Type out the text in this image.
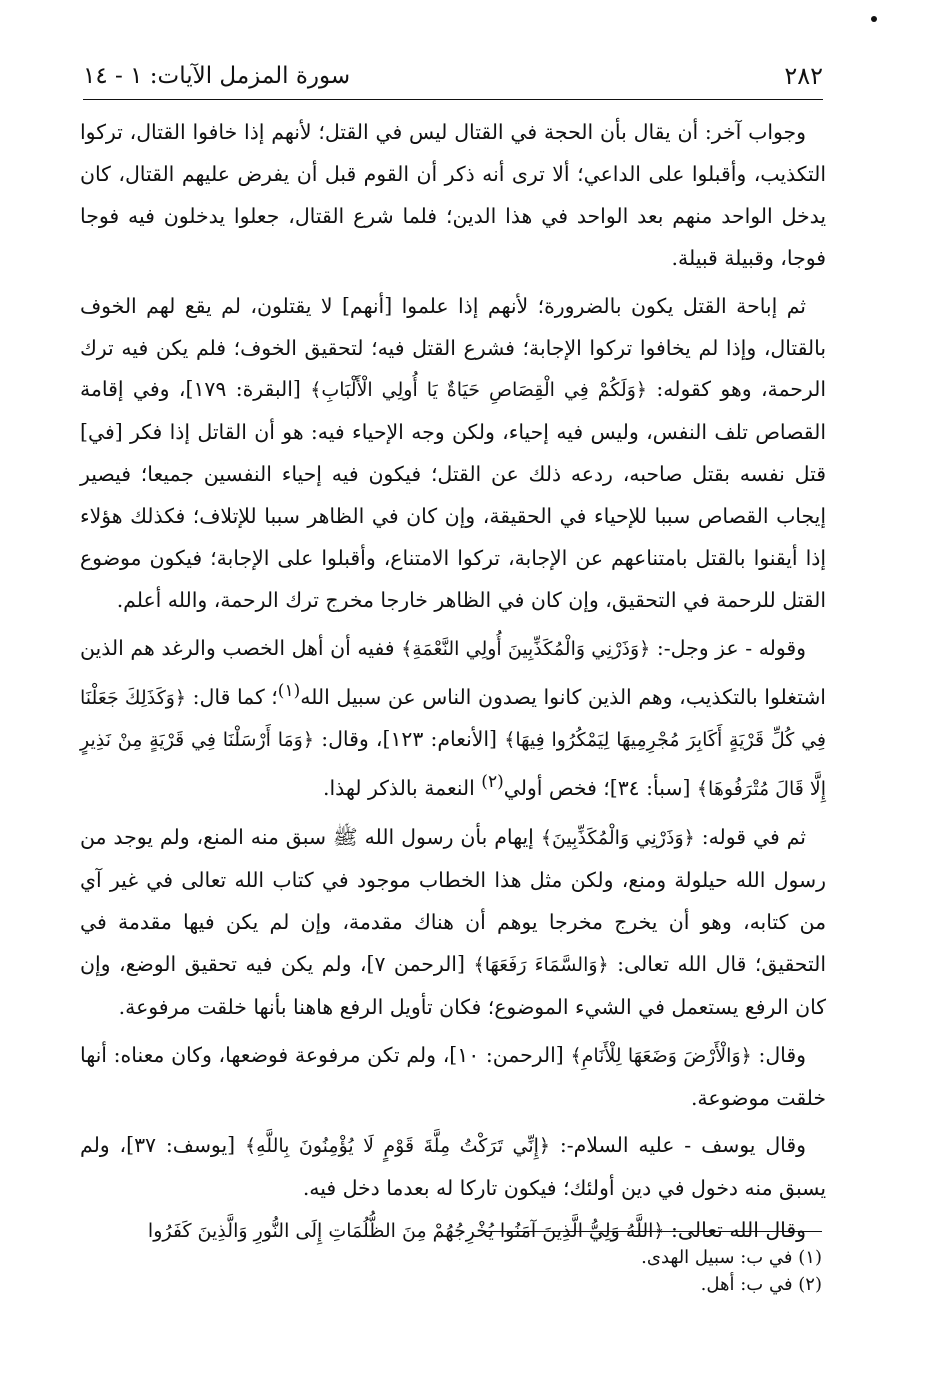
٢٨٢
سورة المزمل الآيات: ١ - ١٤

وجواب آخر: أن يقال بأن الحجة في القتال ليس في القتل؛ لأنهم إذا خافوا القتال، تركوا التكذيب، وأقبلوا على الداعي؛ ألا ترى أنه ذكر أن القوم قبل أن يفرض عليهم القتال، كان يدخل الواحد منهم بعد الواحد في هذا الدين؛ فلما شرع القتال، جعلوا يدخلون فيه فوجا فوجا، وقبيلة قبيلة.

ثم إباحة القتل يكون بالضرورة؛ لأنهم إذا علموا [أنهم] لا يقتلون، لم يقع لهم الخوف بالقتال، وإذا لم يخافوا تركوا الإجابة؛ فشرع القتل فيه؛ لتحقيق الخوف؛ فلم يكن فيه ترك الرحمة، وهو كقوله: ﴿وَلَكُمْ فِي الْقِصَاصِ حَيَاةٌ يَا أُولِي الْأَلْبَابِ﴾ [البقرة: ١٧٩]، وفي إقامة القصاص تلف النفس، وليس فيه إحياء، ولكن وجه الإحياء فيه: هو أن القاتل إذا فكر [في] قتل نفسه بقتل صاحبه، ردعه ذلك عن القتل؛ فيكون فيه إحياء النفسين جميعا؛ فيصير إيجاب القصاص سببا للإحياء في الحقيقة، وإن كان في الظاهر سببا للإتلاف؛ فكذلك هؤلاء إذا أيقنوا بالقتل بامتناعهم عن الإجابة، تركوا الامتناع، وأقبلوا على الإجابة؛ فيكون موضوع القتل للرحمة في التحقيق، وإن كان في الظاهر خارجا مخرج ترك الرحمة، والله أعلم.

وقوله - عز وجل-: ﴿وَذَرْنِي وَالْمُكَذِّبِينَ أُولِي النَّعْمَةِ﴾ ففيه أن أهل الخصب والرغد هم الذين اشتغلوا بالتكذيب، وهم الذين كانوا يصدون الناس عن سبيل الله$^{(١)}$؛ كما قال: ﴿وَكَذَلِكَ جَعَلْنَا فِي كُلِّ قَرْيَةٍ أَكَابِرَ مُجْرِمِيهَا لِيَمْكُرُوا فِيهَا﴾ [الأنعام: ١٢٣]، وقال: ﴿وَمَا أَرْسَلْنَا فِي قَرْيَةٍ مِنْ نَذِيرٍ إِلَّا قَالَ مُتْرَفُوهَا﴾ [سبأ: ٣٤]؛ فخص أولي$^{(٢)}$ النعمة بالذكر لهذا.

ثم في قوله: ﴿وَذَرْنِي وَالْمُكَذِّبِينَ﴾ إيهام بأن رسول الله ﷺ سبق منه المنع، ولم يوجد من رسول الله حيلولة ومنع، ولكن مثل هذا الخطاب موجود في كتاب الله تعالى في غير آي من كتابه، وهو أن يخرج مخرجا يوهم أن هناك مقدمة، وإن لم يكن فيها مقدمة في التحقيق؛ قال الله تعالى: ﴿وَالسَّمَاءَ رَفَعَهَا﴾ [الرحمن ٧]، ولم يكن فيه تحقيق الوضع، وإن كان الرفع يستعمل في الشيء الموضوع؛ فكان تأويل الرفع هاهنا بأنها خلقت مرفوعة.

وقال: ﴿وَالْأَرْضَ وَضَعَهَا لِلْأَنَامِ﴾ [الرحمن: ١٠]، ولم تكن مرفوعة فوضعها، وكان معناه: أنها خلقت موضوعة.

وقال يوسف - عليه السلام-: ﴿إِنِّي تَرَكْتُ مِلَّةَ قَوْمٍ لَا يُؤْمِنُونَ بِاللَّهِ﴾ [يوسف: ٣٧]، ولم يسبق منه دخول في دين أولئك؛ فيكون تاركا له بعدما دخل فيه.

وقال الله تعالى: ﴿اللَّهُ وَلِيُّ الَّذِينَ آمَنُوا يُخْرِجُهُمْ مِنَ الظُّلُمَاتِ إِلَى النُّورِ وَالَّذِينَ كَفَرُوا

(١) في ب: سبيل الهدى.
(٢) في ب: أهل.
